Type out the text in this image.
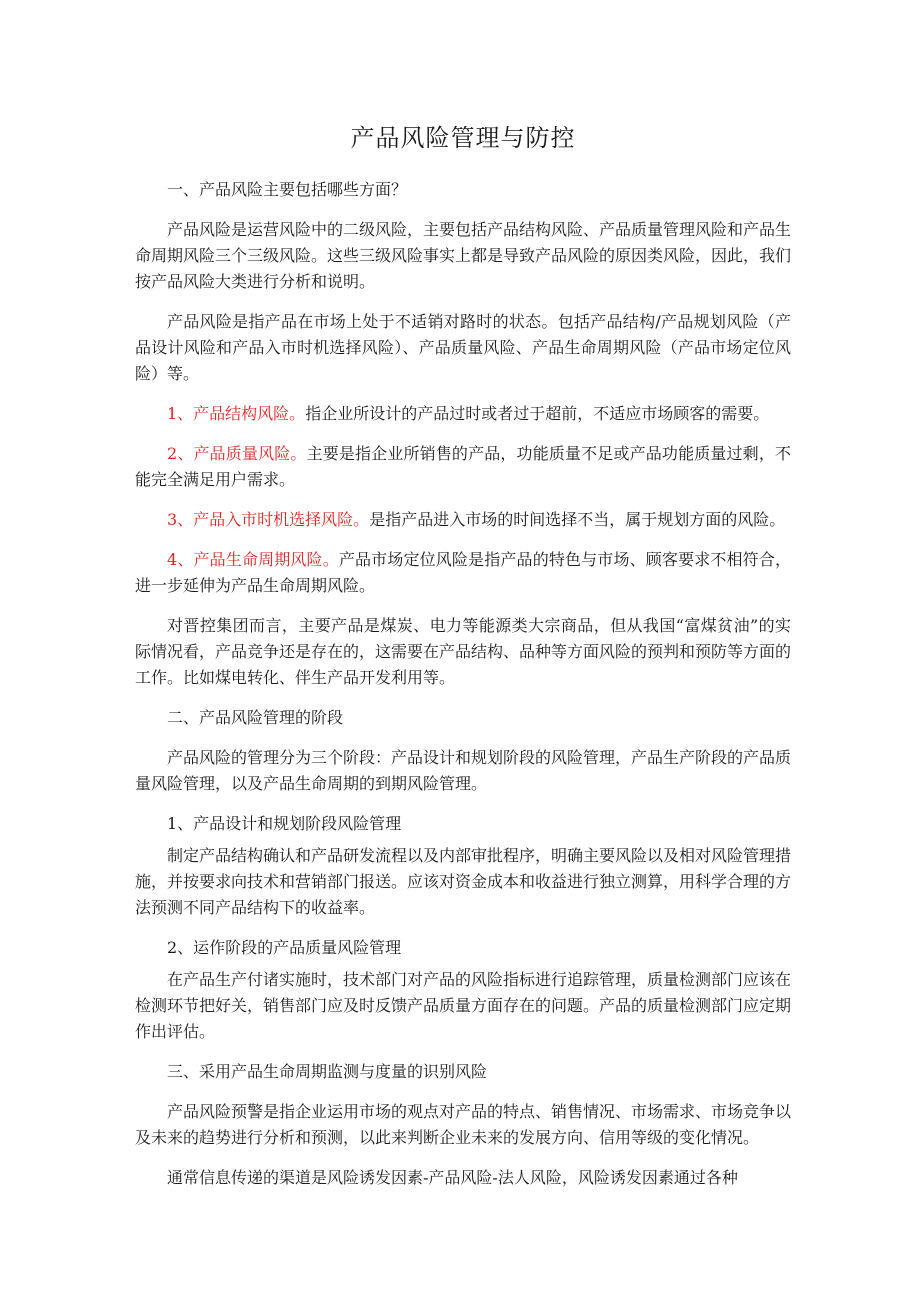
产品风险管理与防控

一、产品风险主要包括哪些方面？

产品风险是运营风险中的二级风险，主要包括产品结构风险、产品质量管理风险和产品生命周期风险三个三级风险。这些三级风险事实上都是导致产品风险的原因类风险，因此，我们按产品风险大类进行分析和说明。

产品风险是指产品在市场上处于不适销对路时的状态。包括产品结构/产品规划风险（产品设计风险和产品入市时机选择风险）、产品质量风险、产品生命周期风险（产品市场定位风险）等。

1、产品结构风险。指企业所设计的产品过时或者过于超前，不适应市场顾客的需要。

2、产品质量风险。主要是指企业所销售的产品，功能质量不足或产品功能质量过剩，不能完全满足用户需求。

3、产品入市时机选择风险。是指产品进入市场的时间选择不当，属于规划方面的风险。

4、产品生命周期风险。产品市场定位风险是指产品的特色与市场、顾客要求不相符合，进一步延伸为产品生命周期风险。

对晋控集团而言，主要产品是煤炭、电力等能源类大宗商品，但从我国“富煤贫油”的实际情况看，产品竞争还是存在的，这需要在产品结构、品种等方面风险的预判和预防等方面的工作。比如煤电转化、伴生产品开发利用等。

二、产品风险管理的阶段

产品风险的管理分为三个阶段：产品设计和规划阶段的风险管理，产品生产阶段的产品质量风险管理，以及产品生命周期的到期风险管理。

1、产品设计和规划阶段风险管理

制定产品结构确认和产品研发流程以及内部审批程序，明确主要风险以及相对风险管理措施，并按要求向技术和营销部门报送。应该对资金成本和收益进行独立测算，用科学合理的方法预测不同产品结构下的收益率。

2、运作阶段的产品质量风险管理

在产品生产付诸实施时，技术部门对产品的风险指标进行追踪管理，质量检测部门应该在检测环节把好关，销售部门应及时反馈产品质量方面存在的问题。产品的质量检测部门应定期作出评估。

三、采用产品生命周期监测与度量的识别风险

产品风险预警是指企业运用市场的观点对产品的特点、销售情况、市场需求、市场竞争以及未来的趋势进行分析和预测，以此来判断企业未来的发展方向、信用等级的变化情况。

通常信息传递的渠道是风险诱发因素-产品风险-法人风险，风险诱发因素通过各种
